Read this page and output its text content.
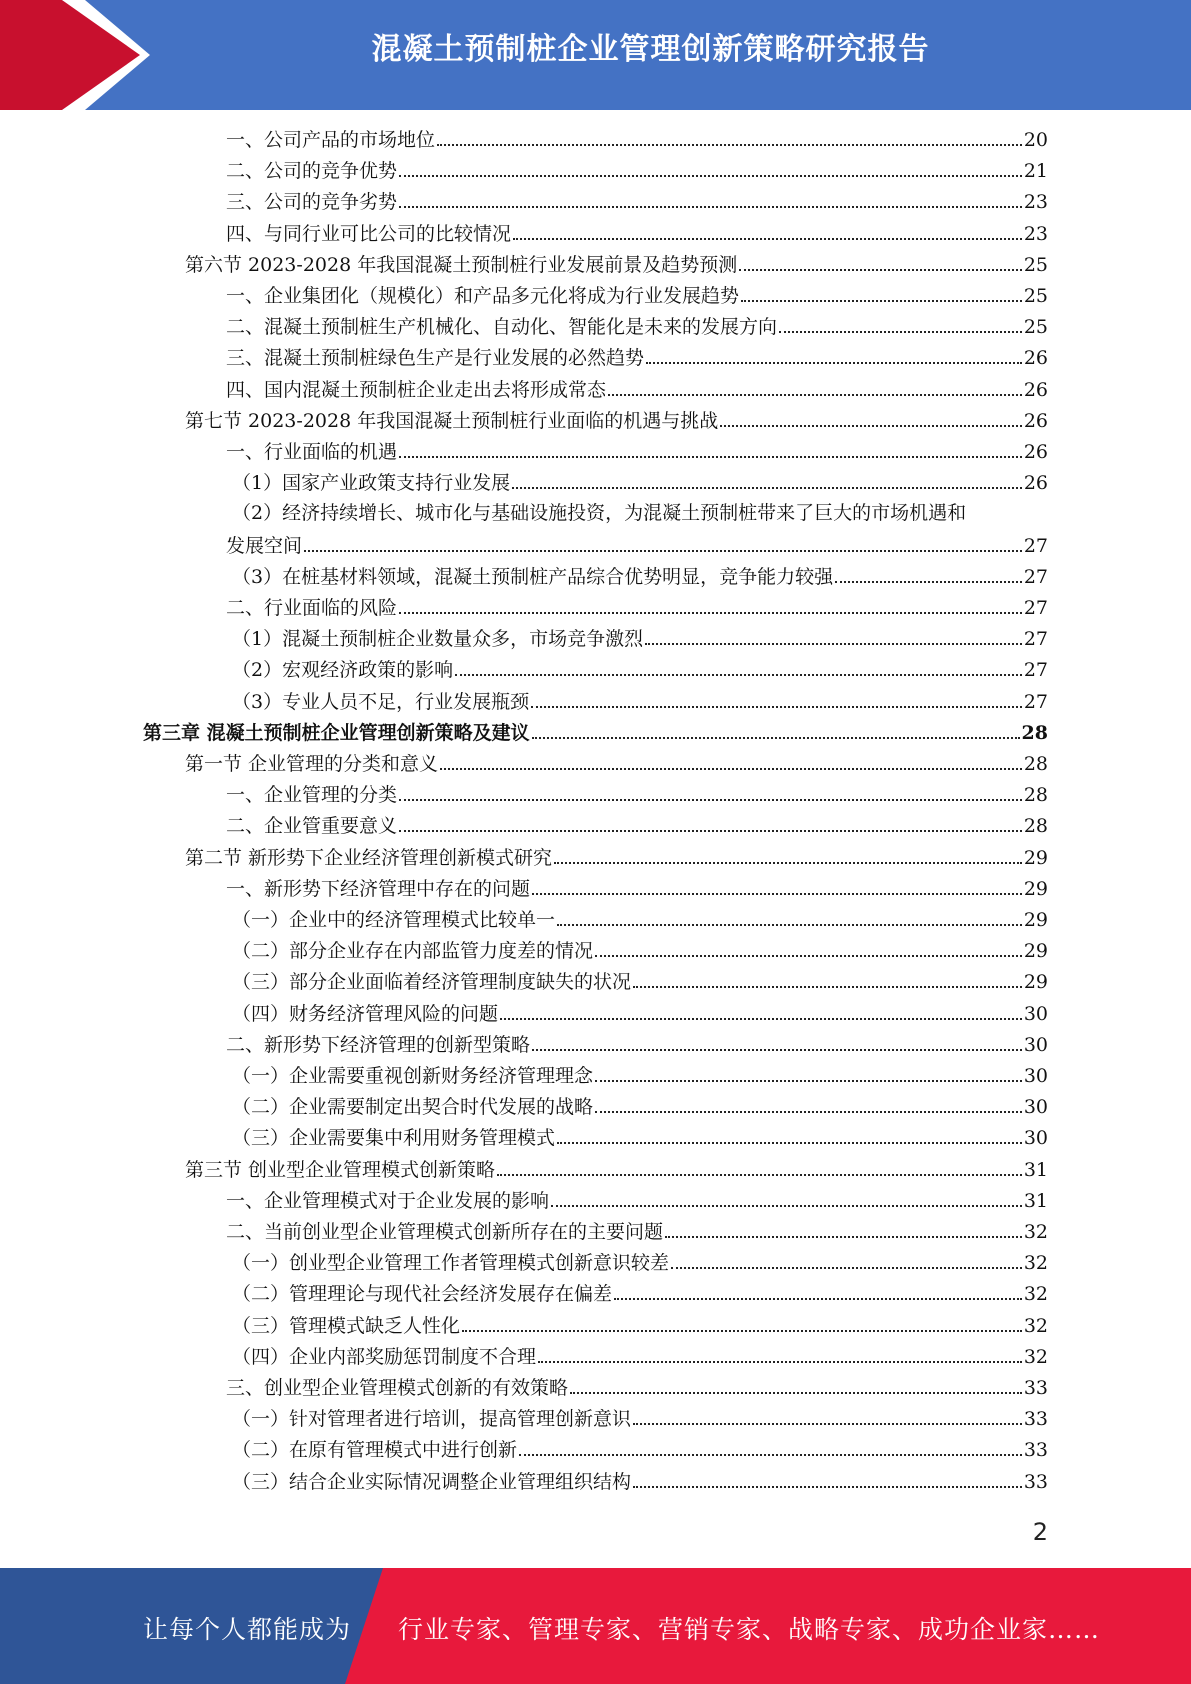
混凝土预制桩企业管理创新策略研究报告
一、公司产品的市场地位	20
二、公司的竞争优势	21
三、公司的竞争劣势	23
四、与同行业可比公司的比较情况	23
第六节 2023-2028 年我国混凝土预制桩行业发展前景及趋势预测	25
一、企业集团化（规模化）和产品多元化将成为行业发展趋势	25
二、混凝土预制桩生产机械化、自动化、智能化是未来的发展方向	25
三、混凝土预制桩绿色生产是行业发展的必然趋势	26
四、国内混凝土预制桩企业走出去将形成常态	26
第七节 2023-2028 年我国混凝土预制桩行业面临的机遇与挑战	26
一、行业面临的机遇	26
（1）国家产业政策支持行业发展	26
（2）经济持续增长、城市化与基础设施投资，为混凝土预制桩带来了巨大的市场机遇和
发展空间	27
（3）在桩基材料领域，混凝土预制桩产品综合优势明显，竞争能力较强	27
二、行业面临的风险	27
（1）混凝土预制桩企业数量众多，市场竞争激烈	27
（2）宏观经济政策的影响	27
（3）专业人员不足，行业发展瓶颈	27
第三章 混凝土预制桩企业管理创新策略及建议	28
第一节 企业管理的分类和意义	28
一、企业管理的分类	28
二、企业管重要意义	28
第二节 新形势下企业经济管理创新模式研究	29
一、新形势下经济管理中存在的问题	29
（一）企业中的经济管理模式比较单一	29
（二）部分企业存在内部监管力度差的情况	29
（三）部分企业面临着经济管理制度缺失的状况	29
（四）财务经济管理风险的问题	30
二、新形势下经济管理的创新型策略	30
（一）企业需要重视创新财务经济管理理念	30
（二）企业需要制定出契合时代发展的战略	30
（三）企业需要集中利用财务管理模式	30
第三节 创业型企业管理模式创新策略	31
一、企业管理模式对于企业发展的影响	31
二、当前创业型企业管理模式创新所存在的主要问题	32
（一）创业型企业管理工作者管理模式创新意识较差	32
（二）管理理论与现代社会经济发展存在偏差	32
（三）管理模式缺乏人性化	32
（四）企业内部奖励惩罚制度不合理	32
三、创业型企业管理模式创新的有效策略	33
（一）针对管理者进行培训，提高管理创新意识	33
（二）在原有管理模式中进行创新	33
（三）结合企业实际情况调整企业管理组织结构	33
2
让每个人都能成为 行业专家、管理专家、营销专家、战略专家、成功企业家……
